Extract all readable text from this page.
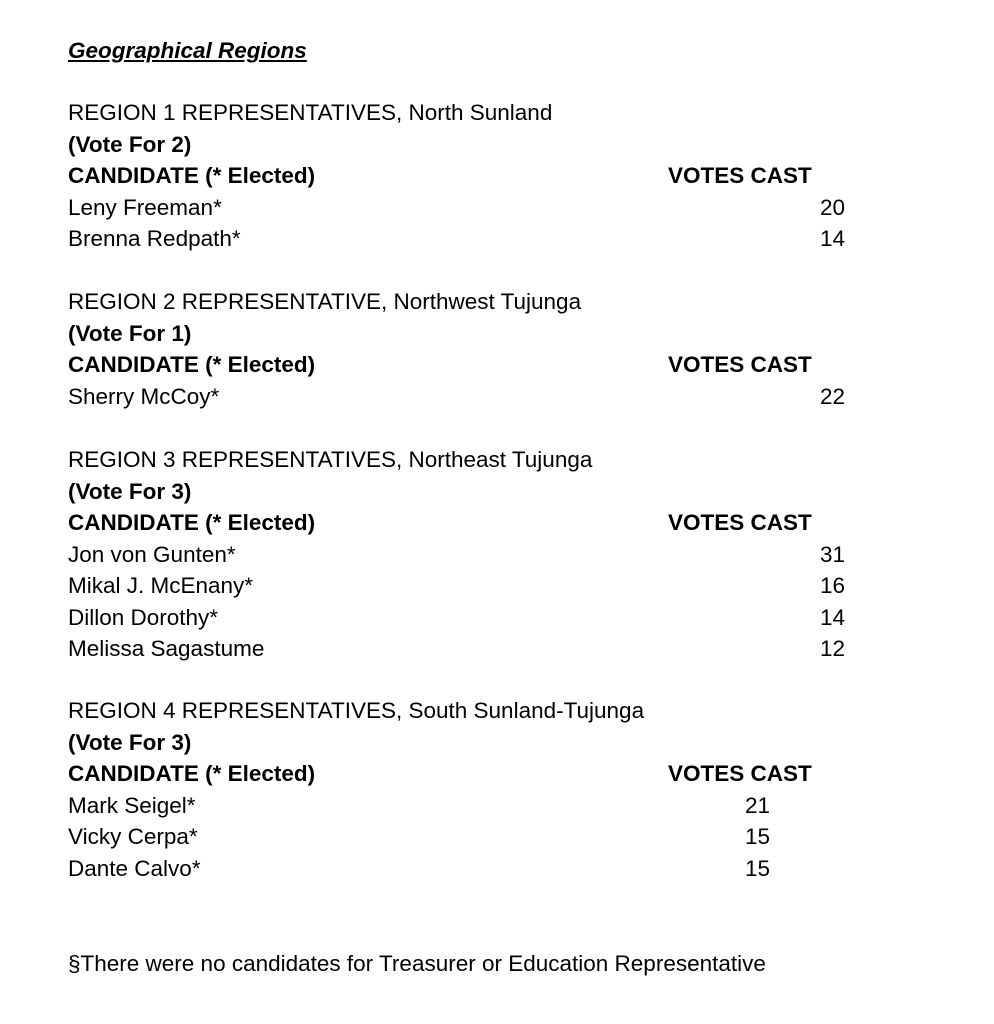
Geographical Regions
REGION 1 REPRESENTATIVES, North Sunland
(Vote For 2)
CANDIDATE (* Elected)	VOTES CAST
Leny Freeman*	20
Brenna Redpath*	14
REGION 2 REPRESENTATIVE, Northwest Tujunga
(Vote For 1)
CANDIDATE (* Elected)	VOTES CAST
Sherry McCoy*	22
REGION 3 REPRESENTATIVES, Northeast Tujunga
(Vote For 3)
CANDIDATE (* Elected)	VOTES CAST
Jon von Gunten*	31
Mikal J. McEnany*	16
Dillon Dorothy*	14
Melissa Sagastume	12
REGION 4 REPRESENTATIVES, South Sunland-Tujunga
(Vote For 3)
CANDIDATE (* Elected)	VOTES CAST
Mark Seigel*	21
Vicky Cerpa*	15
Dante Calvo*	15
§There were no candidates for Treasurer or Education Representative
